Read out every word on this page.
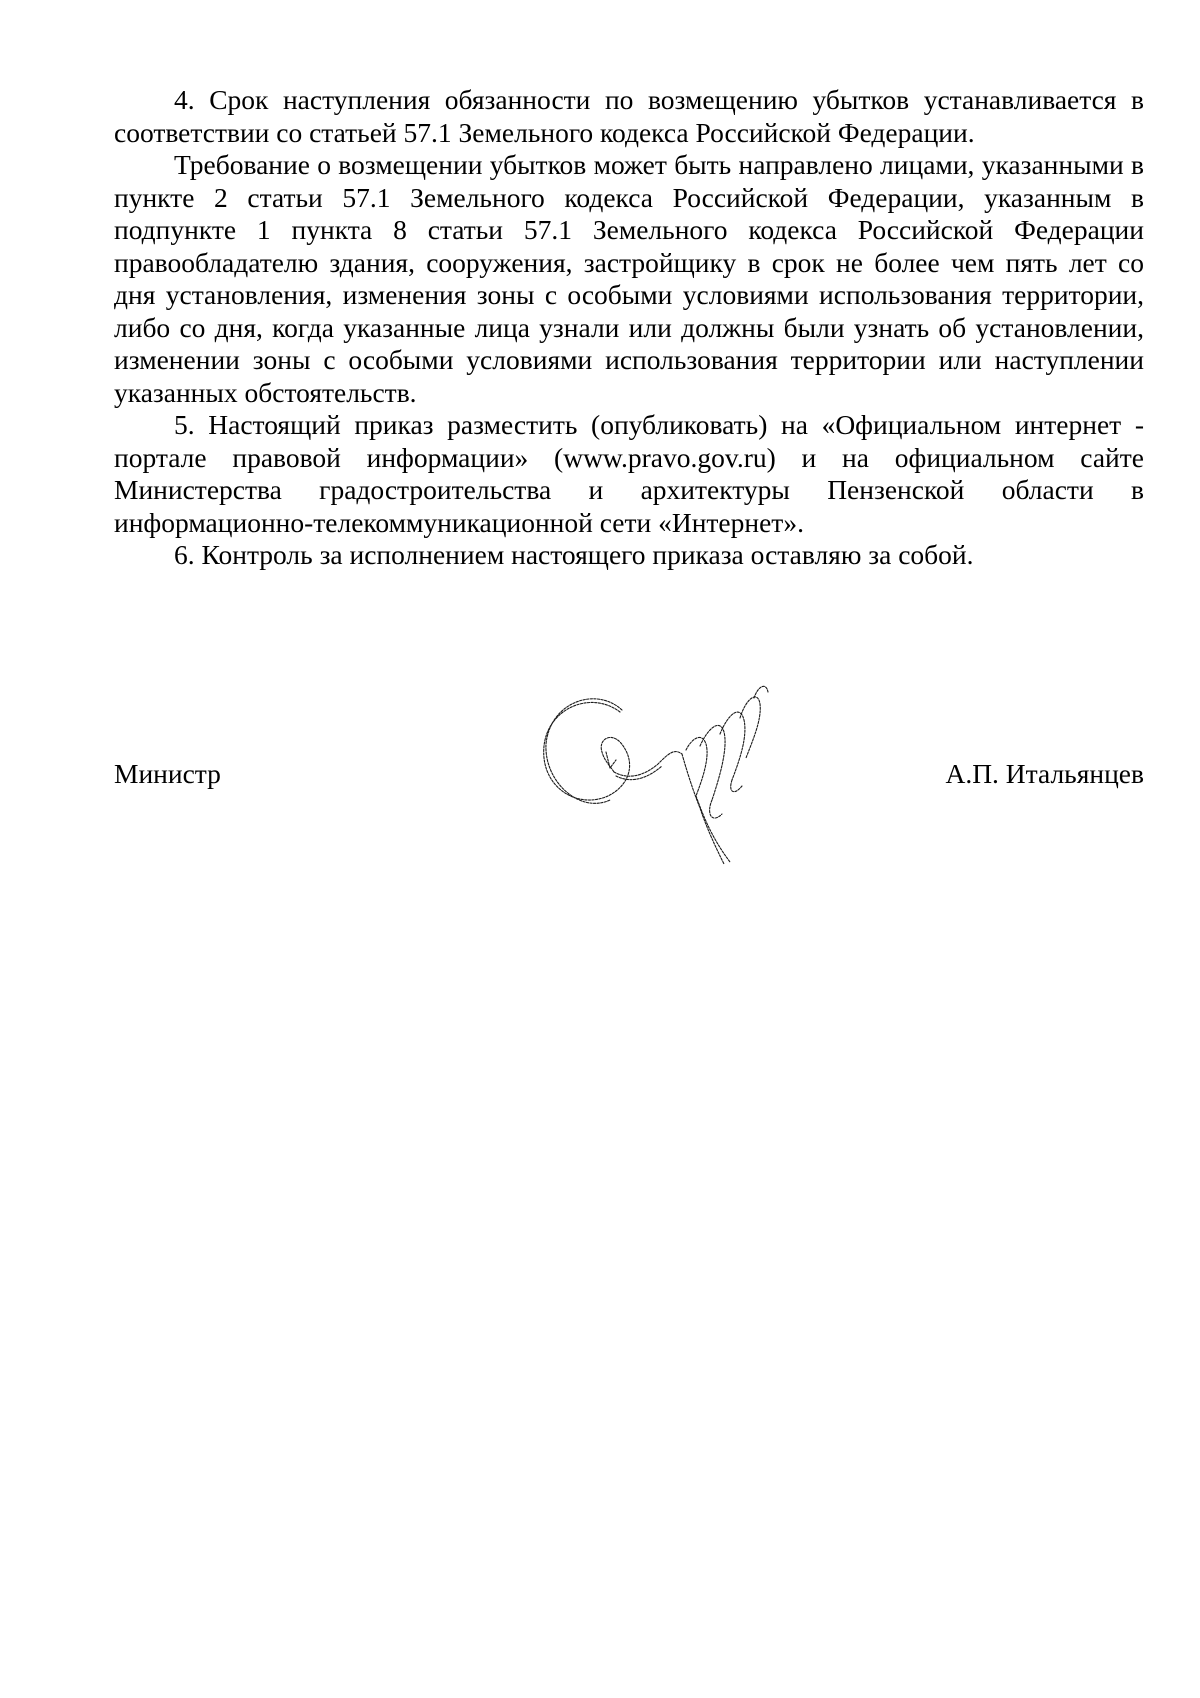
4. Срок наступления обязанности по возмещению убытков устанавливается в соответствии со статьей 57.1 Земельного кодекса Российской Федерации.

Требование о возмещении убытков может быть направлено лицами, указанными в пункте 2 статьи 57.1 Земельного кодекса Российской Федерации, указанным в подпункте 1 пункта 8 статьи 57.1 Земельного кодекса Российской Федерации правообладателю здания, сооружения, застройщику в срок не более чем пять лет со дня установления, изменения зоны с особыми условиями использования территории, либо со дня, когда указанные лица узнали или должны были узнать об установлении, изменении зоны с особыми условиями использования территории или наступлении указанных обстоятельств.

5. Настоящий приказ разместить (опубликовать) на «Официальном интернет - портале правовой информации» (www.pravo.gov.ru) и на официальном сайте Министерства градостроительства и архитектуры Пензенской области в информационно-телекоммуникационной сети «Интернет».

6. Контроль за исполнением настоящего приказа оставляю за собой.

Министр	А.П. Итальянцев
